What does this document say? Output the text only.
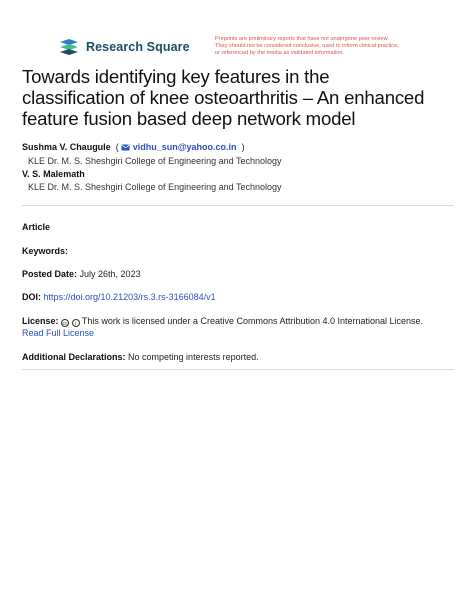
Research Square
Preprints are preliminary reports that have not undergone peer review.
They should not be considered conclusive, used to inform clinical practice,
or referenced by the media as validated information.
Towards identifying key features in the
classification of knee osteoarthritis – An enhanced
feature fusion based deep network model
Sushma V. Chaugule  ( vidhu_sun@yahoo.co.in  )
KLE Dr. M. S. Sheshgiri College of Engineering and Technology
V. S. Malemath
KLE Dr. M. S. Sheshgiri College of Engineering and Technology
Article
Keywords:
Posted Date: July 26th, 2023
DOI: https://doi.org/10.21203/rs.3.rs-3166084/v1
License: cc i This work is licensed under a Creative Commons Attribution 4.0 International License.
Read Full License
Additional Declarations: No competing interests reported.
